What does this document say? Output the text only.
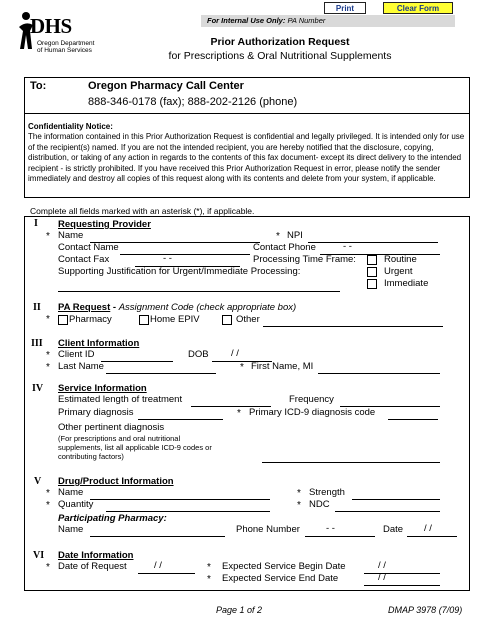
Print	Clear Form
For Internal Use Only: PA Number
DHS
Oregon Department
of Human Services
Prior Authorization Request
for Prescriptions & Oral Nutritional Supplements
To:	Oregon Pharmacy Call Center
888-346-0178 (fax); 888-202-2126 (phone)
Confidentiality Notice:
The information contained in this Prior Authorization Request is confidential and legally privileged. It is intended only for use of the recipient(s) named. If you are not the intended recipient, you are hereby notified that the disclosure, copying, distribution, or taking of any action in regards to the contents of this fax document- except its direct delivery to the intended recipient - is strictly prohibited. If you have received this Prior Authorization Request in error, please notify the sender immediately and destroy all copies of this request along with its contents and delete from your system, if applicable.
Complete all fields marked with an asterisk (*), if applicable.
I Requesting Provider
* Name	* NPI
Contact Name	Contact Phone	- -
Contact Fax	- -	Processing Time Frame:	Routine
Supporting Justification for Urgent/Immediate Processing:	Urgent
Immediate
II PA Request - Assignment Code (check appropriate box)
* Pharmacy	Home EPIV	Other
III Client Information
* Client ID	DOB / /
* Last Name	* First Name, MI
IV Service Information
Estimated length of treatment	Frequency
Primary diagnosis	* Primary ICD-9 diagnosis code
Other pertinent diagnosis
(For prescriptions and oral nutritional
supplements, list all applicable ICD-9 codes or
contributing factors)
V Drug/Product Information
* Name	* Strength
* Quantity	* NDC
Participating Pharmacy:
Name	Phone Number	- -	Date / /
VI Date Information
* Date of Request	/ /	* Expected Service Begin Date	/ /
* Expected Service End Date	/ /
Page 1 of 2	DMAP 3978 (7/09)
